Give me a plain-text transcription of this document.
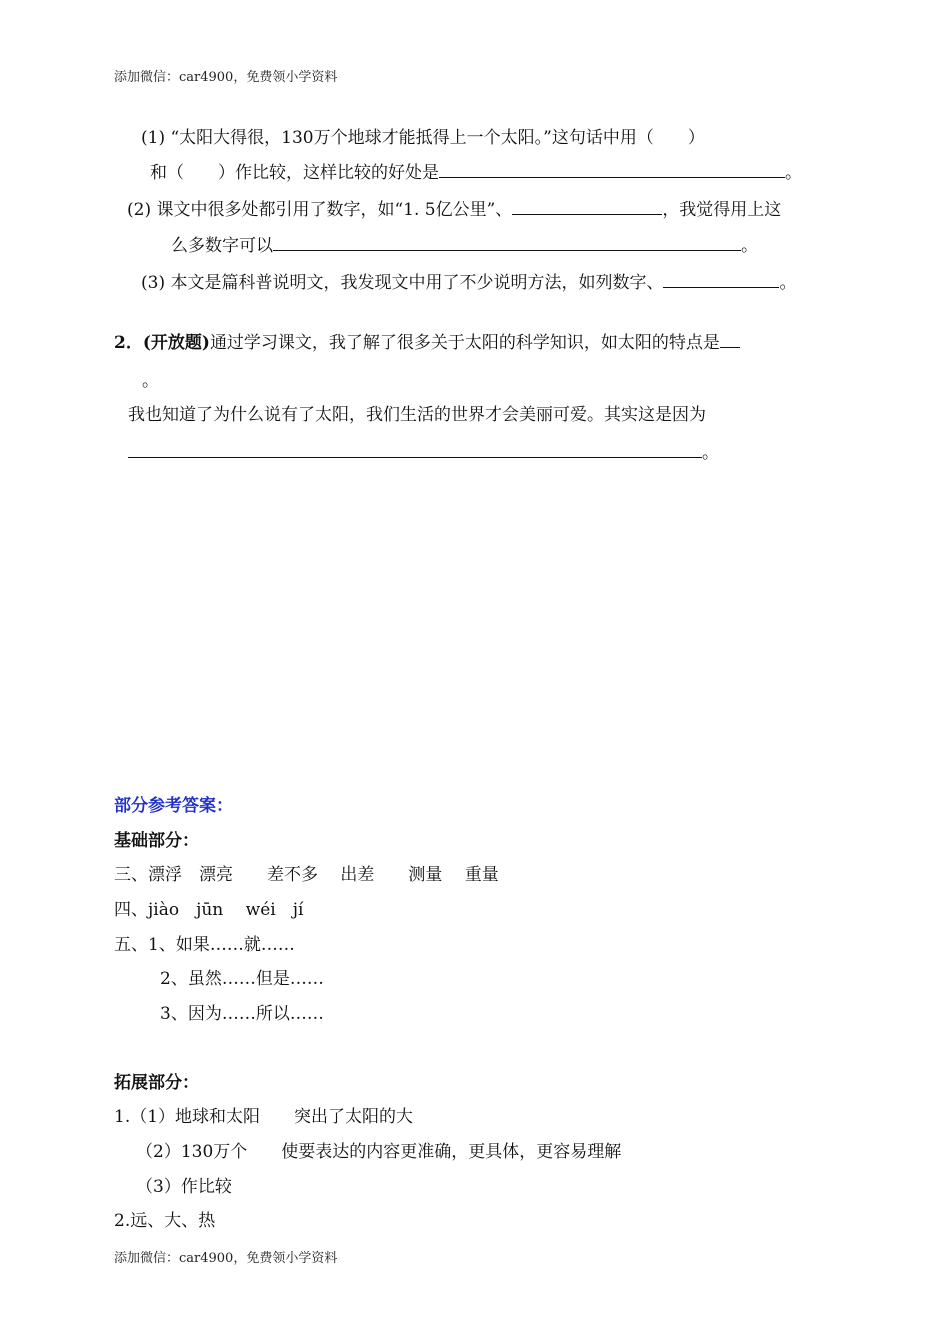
添加微信：car4900，免费领小学资料
(1) “太阳大得很，130万个地球才能抵得上一个太阳。”这句话中用（　　）
和（　　）作比较，这样比较的好处是	。
(2) 课文中很多处都引用了数字，如“1. 5亿公里”、	，我觉得用上这
么多数字可以	。
(3) 本文是篇科普说明文，我发现文中用了不少说明方法，如列数字、	。
2．(开放题)通过学习课文，我了解了很多关于太阳的科学知识，如太阳的特点是
。
我也知道了为什么说有了太阳，我们生活的世界才会美丽可爱。其实这是因为
。
部分参考答案：
基础部分：
三、漂浮　漂亮　　差不多　 出差　　测量　 重量
四、jiào　jūn　 wéi　jí
五、1、如果……就……
2、虽然……但是……
3、因为……所以……
拓展部分：
1.（1）地球和太阳　　突出了太阳的大
（2）130万个　　使要表达的内容更准确，更具体，更容易理解
（3）作比较
2.远、大、热
添加微信：car4900，免费领小学资料
